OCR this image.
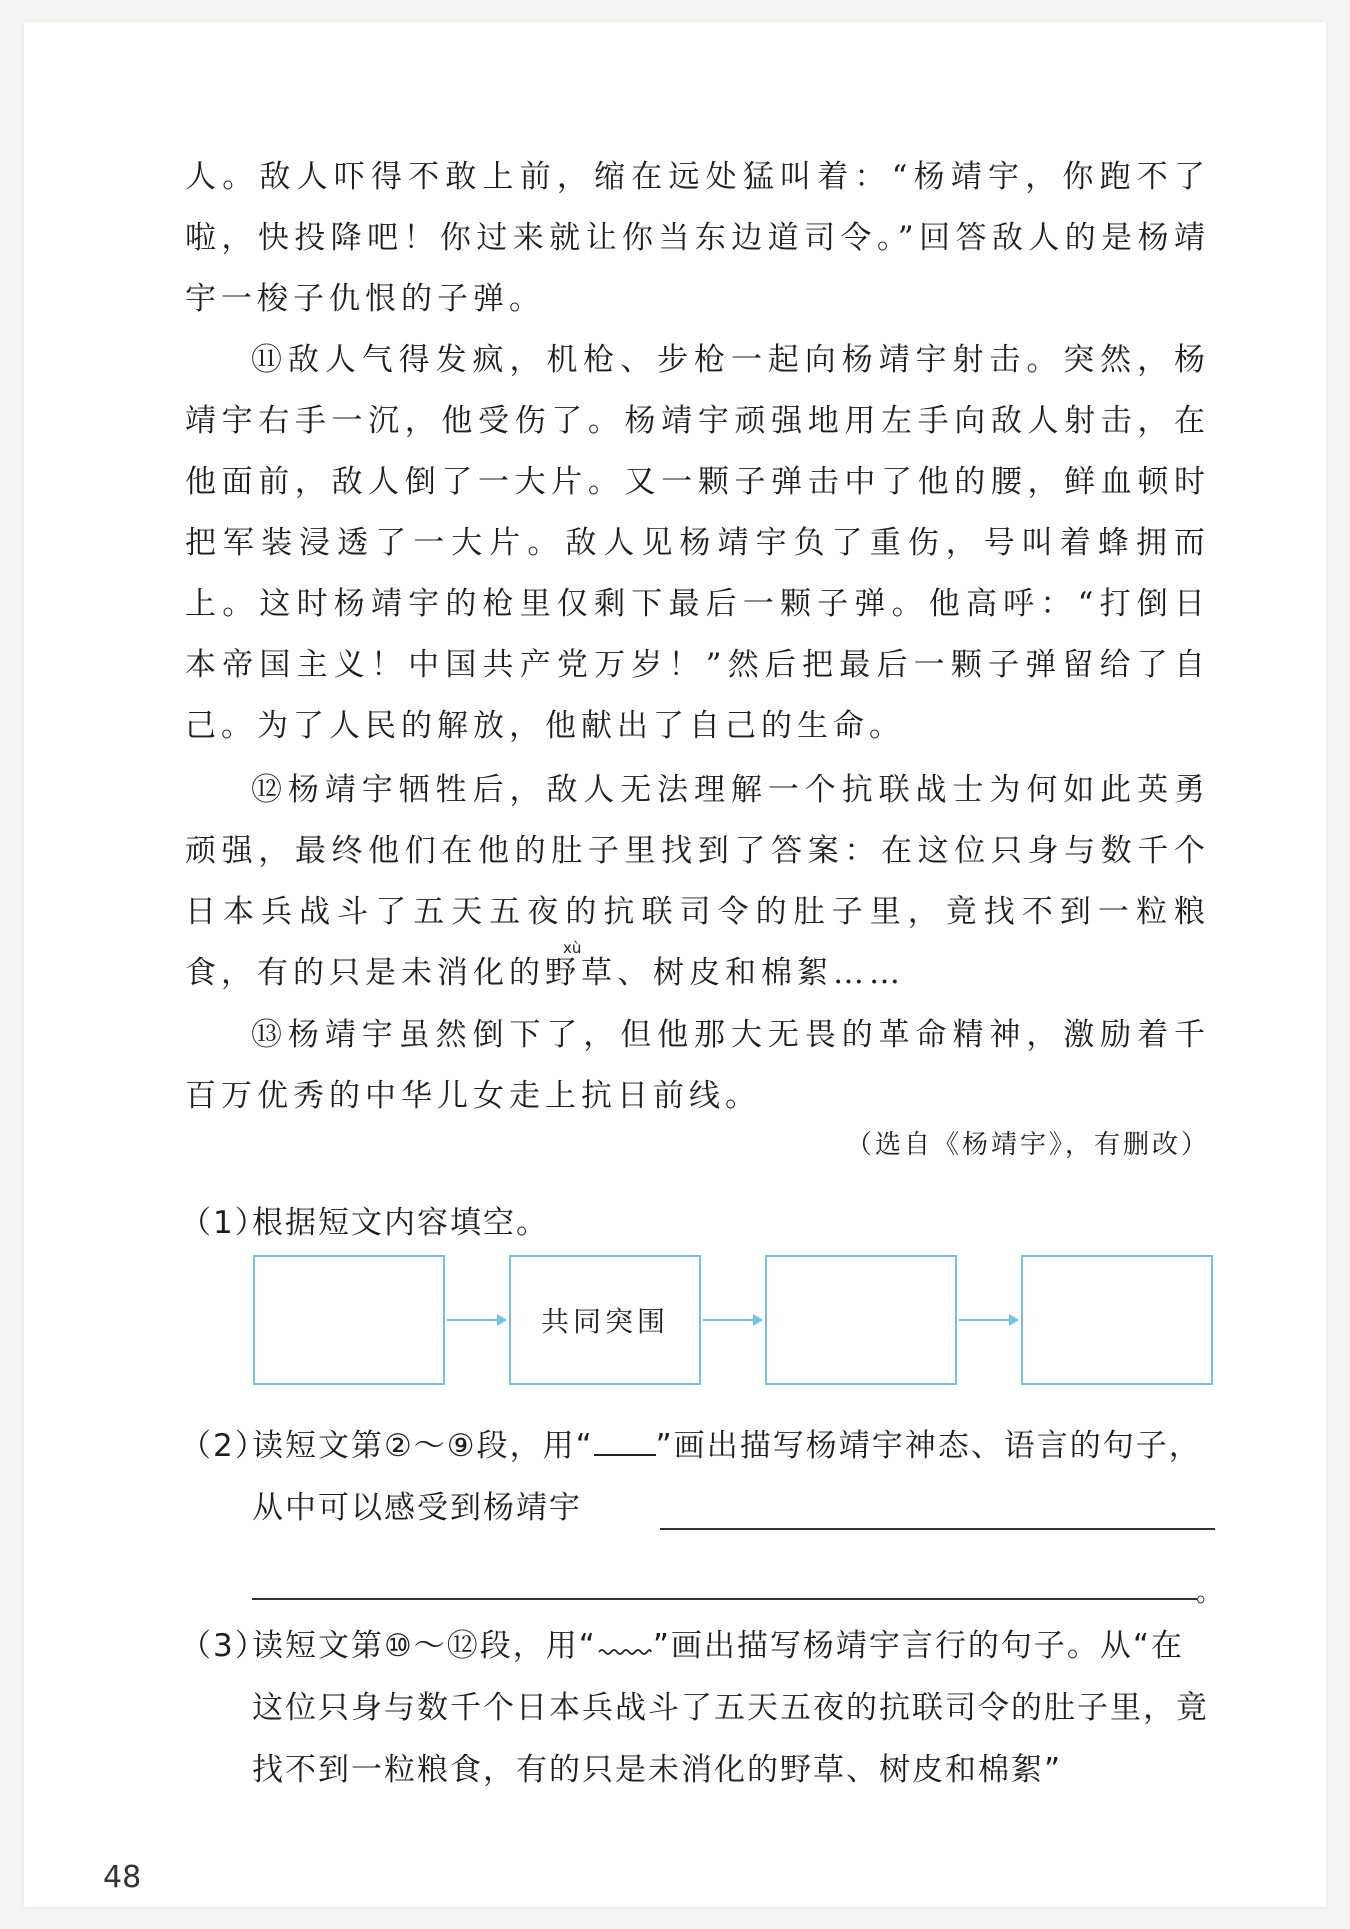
人。敌人吓得不敢上前，缩在远处猛叫着：“杨靖宇，你跑不了啦，快投降吧！你过来就让你当东边道司令。”回答敌人的是杨靖宇一梭子仇恨的子弹。

⑪敌人气得发疯，机枪、步枪一起向杨靖宇射击。突然，杨靖宇右手一沉，他受伤了。杨靖宇顽强地用左手向敌人射击，在他面前，敌人倒了一大片。又一颗子弹击中了他的腰，鲜血顿时把军装浸透了一大片。敌人见杨靖宇负了重伤，号叫着蜂拥而上。这时杨靖宇的枪里仅剩下最后一颗子弹。他高呼：“打倒日本帝国主义！中国共产党万岁！”然后把最后一颗子弹留给了自己。为了人民的解放，他献出了自己的生命。

⑫杨靖宇牺牲后，敌人无法理解一个抗联战士为何如此英勇顽强，最终他们在他的肚子里找到了答案：在这位只身与数千个日本兵战斗了五天五夜的抗联司令的肚子里，竟找不到一粒粮食，有的只是未消化的野草、树皮和棉絮……

xù

⑬杨靖宇虽然倒下了，但他那大无畏的革命精神，激励着千百万优秀的中华儿女走上抗日前线。

（选自《杨靖宇》，有删改）
（1）根据短文内容填空。
共同突围
（2）
读短文第②～⑨段，用“ ”画出描写杨靖宇神态、语言的句子，从中可以感受到杨靖宇
。
（3）
读短文第⑩～⑫段，用“ ”画出描写杨靖宇言行的句子。从“在这位只身与数千个日本兵战斗了五天五夜的抗联司令的肚子里，竟找不到一粒粮食，有的只是未消化的野草、树皮和棉絮”
48
